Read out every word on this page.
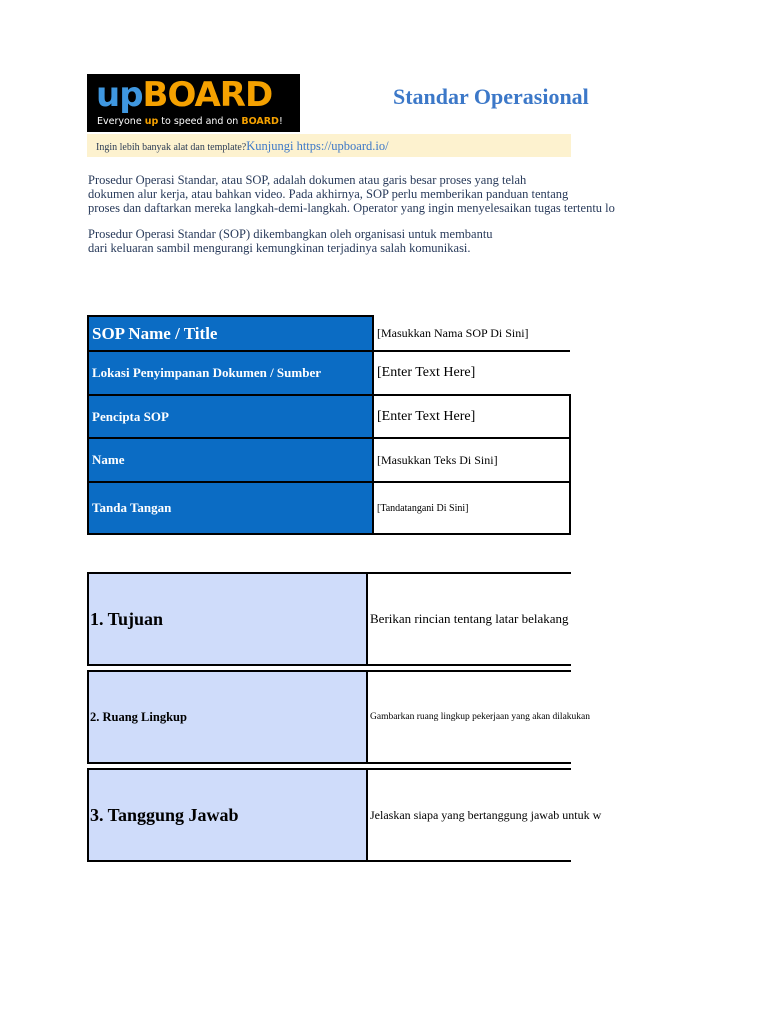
upBOARD
Everyone up to speed and on BOARD!
Standar Operasional
Ingin lebih banyak alat dan template?Kunjungi https://upboard.io/
Prosedur Operasi Standar, atau SOP, adalah dokumen atau garis besar proses yang telah
dokumen alur kerja, atau bahkan video. Pada akhirnya, SOP perlu memberikan panduan tentang
proses dan daftarkan mereka langkah-demi-langkah. Operator yang ingin menyelesaikan tugas tertentu lo
Prosedur Operasi Standar (SOP) dikembangkan oleh organisasi untuk membantu
dari keluaran sambil mengurangi kemungkinan terjadinya salah komunikasi.
SOP Name / Title	[Masukkan Nama SOP Di Sini]
Lokasi Penyimpanan Dokumen / Sumber	[Enter Text Here]
Pencipta SOP	[Enter Text Here]
Name	[Masukkan Teks Di Sini]
Tanda Tangan	[Tandatangani Di Sini]
1. Tujuan	Berikan rincian tentang latar belakang
2. Ruang Lingkup	Gambarkan ruang lingkup pekerjaan yang akan dilakukan
3. Tanggung Jawab	Jelaskan siapa yang bertanggung jawab untuk w
